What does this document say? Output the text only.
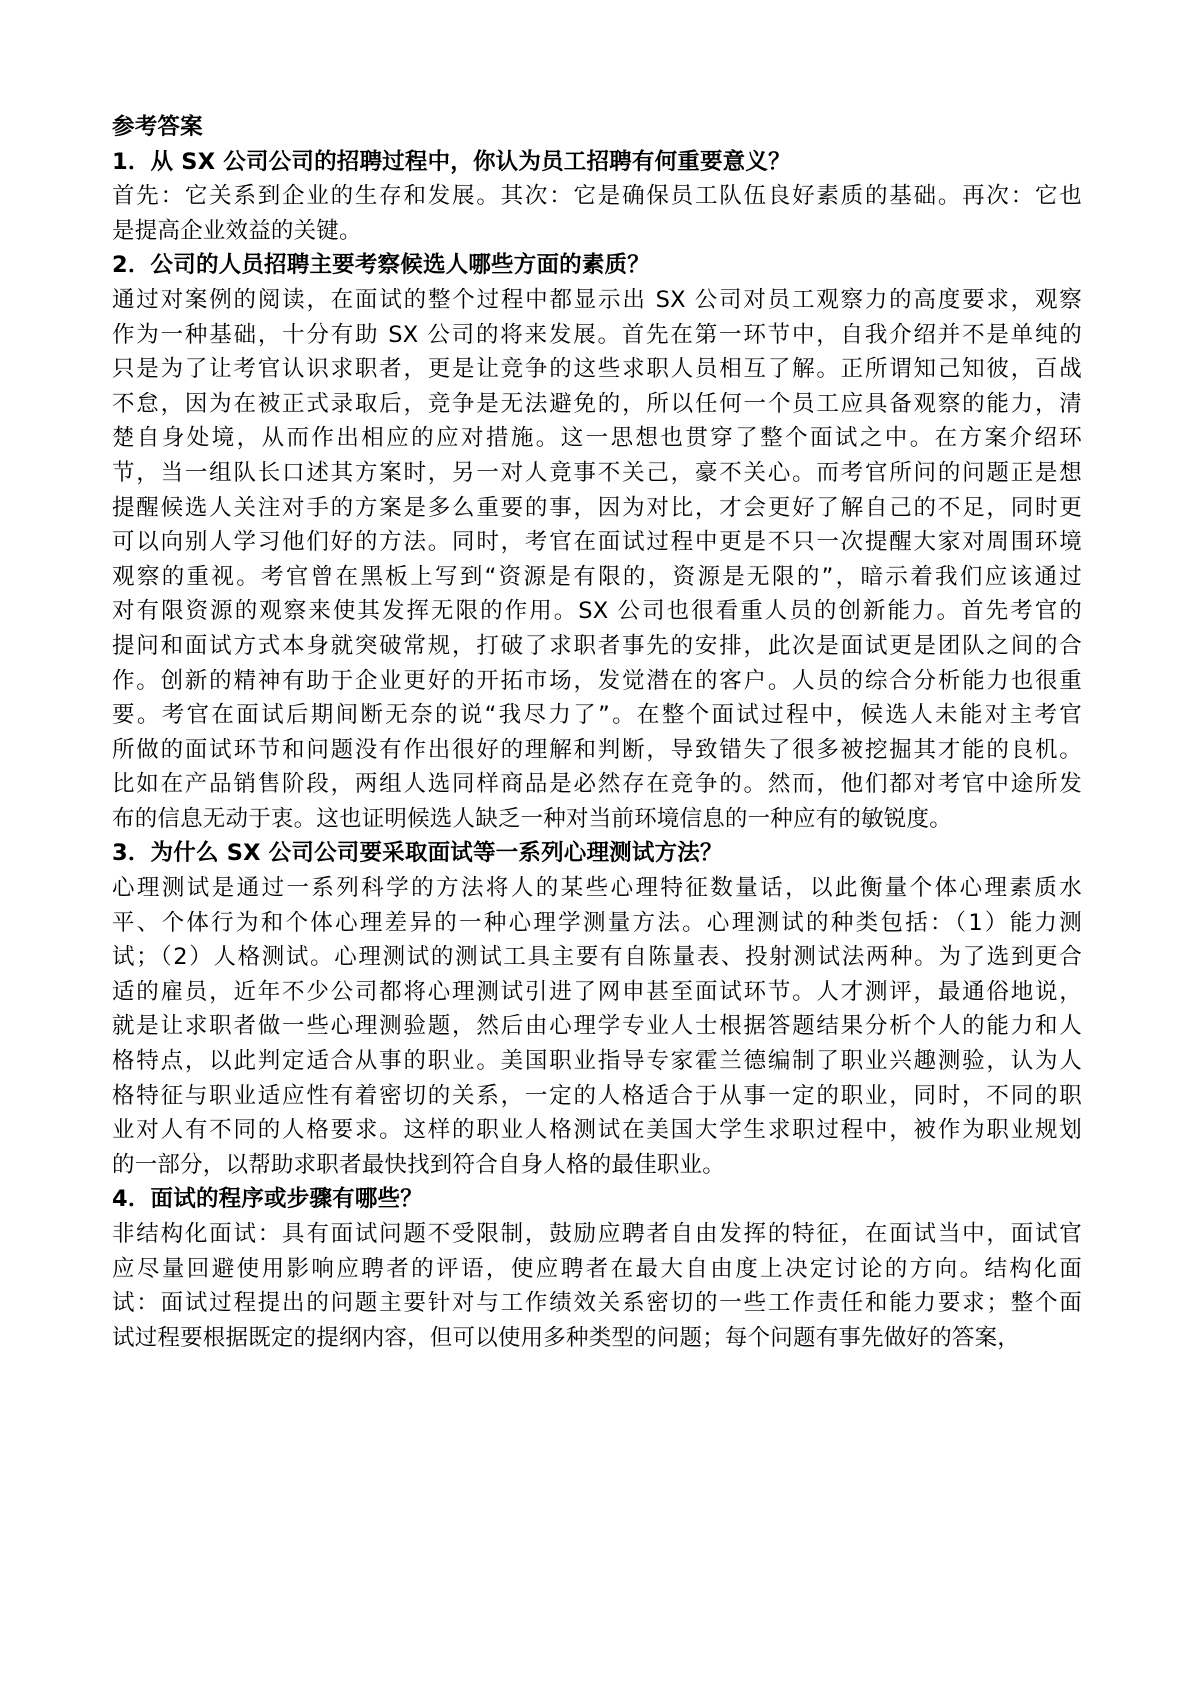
参考答案
1．从 SX 公司公司的招聘过程中，你认为员工招聘有何重要意义？
首先：它关系到企业的生存和发展。其次：它是确保员工队伍良好素质的基础。再次：它也
是提高企业效益的关键。
2．公司的人员招聘主要考察候选人哪些方面的素质？
通过对案例的阅读，在面试的整个过程中都显示出 SX 公司对员工观察力的高度要求，观察
作为一种基础，十分有助 SX 公司的将来发展。首先在第一环节中，自我介绍并不是单纯的
只是为了让考官认识求职者，更是让竞争的这些求职人员相互了解。正所谓知己知彼，百战
不怠，因为在被正式录取后，竞争是无法避免的，所以任何一个员工应具备观察的能力，清
楚自身处境，从而作出相应的应对措施。这一思想也贯穿了整个面试之中。在方案介绍环
节，当一组队长口述其方案时，另一对人竟事不关己，豪不关心。而考官所问的问题正是想
提醒候选人关注对手的方案是多么重要的事，因为对比，才会更好了解自己的不足，同时更
可以向别人学习他们好的方法。同时，考官在面试过程中更是不只一次提醒大家对周围环境
观察的重视。考官曾在黑板上写到“资源是有限的，资源是无限的”，暗示着我们应该通过
对有限资源的观察来使其发挥无限的作用。SX 公司也很看重人员的创新能力。首先考官的
提问和面试方式本身就突破常规，打破了求职者事先的安排，此次是面试更是团队之间的合
作。创新的精神有助于企业更好的开拓市场，发觉潜在的客户。人员的综合分析能力也很重
要。考官在面试后期间断无奈的说“我尽力了”。在整个面试过程中，候选人未能对主考官
所做的面试环节和问题没有作出很好的理解和判断，导致错失了很多被挖掘其才能的良机。
比如在产品销售阶段，两组人选同样商品是必然存在竞争的。然而，他们都对考官中途所发
布的信息无动于衷。这也证明候选人缺乏一种对当前环境信息的一种应有的敏锐度。
3．为什么 SX 公司公司要采取面试等一系列心理测试方法？
心理测试是通过一系列科学的方法将人的某些心理特征数量话，以此衡量个体心理素质水
平、个体行为和个体心理差异的一种心理学测量方法。心理测试的种类包括：（1）能力测
试；（2）人格测试。心理测试的测试工具主要有自陈量表、投射测试法两种。为了选到更合
适的雇员，近年不少公司都将心理测试引进了网申甚至面试环节。人才测评，最通俗地说，
就是让求职者做一些心理测验题，然后由心理学专业人士根据答题结果分析个人的能力和人
格特点，以此判定适合从事的职业。美国职业指导专家霍兰德编制了职业兴趣测验，认为人
格特征与职业适应性有着密切的关系，一定的人格适合于从事一定的职业，同时，不同的职
业对人有不同的人格要求。这样的职业人格测试在美国大学生求职过程中，被作为职业规划
的一部分，以帮助求职者最快找到符合自身人格的最佳职业。
4．面试的程序或步骤有哪些？
非结构化面试：具有面试问题不受限制，鼓励应聘者自由发挥的特征，在面试当中，面试官
应尽量回避使用影响应聘者的评语，使应聘者在最大自由度上决定讨论的方向。结构化面
试：面试过程提出的问题主要针对与工作绩效关系密切的一些工作责任和能力要求；整个面
试过程要根据既定的提纲内容，但可以使用多种类型的问题；每个问题有事先做好的答案，
